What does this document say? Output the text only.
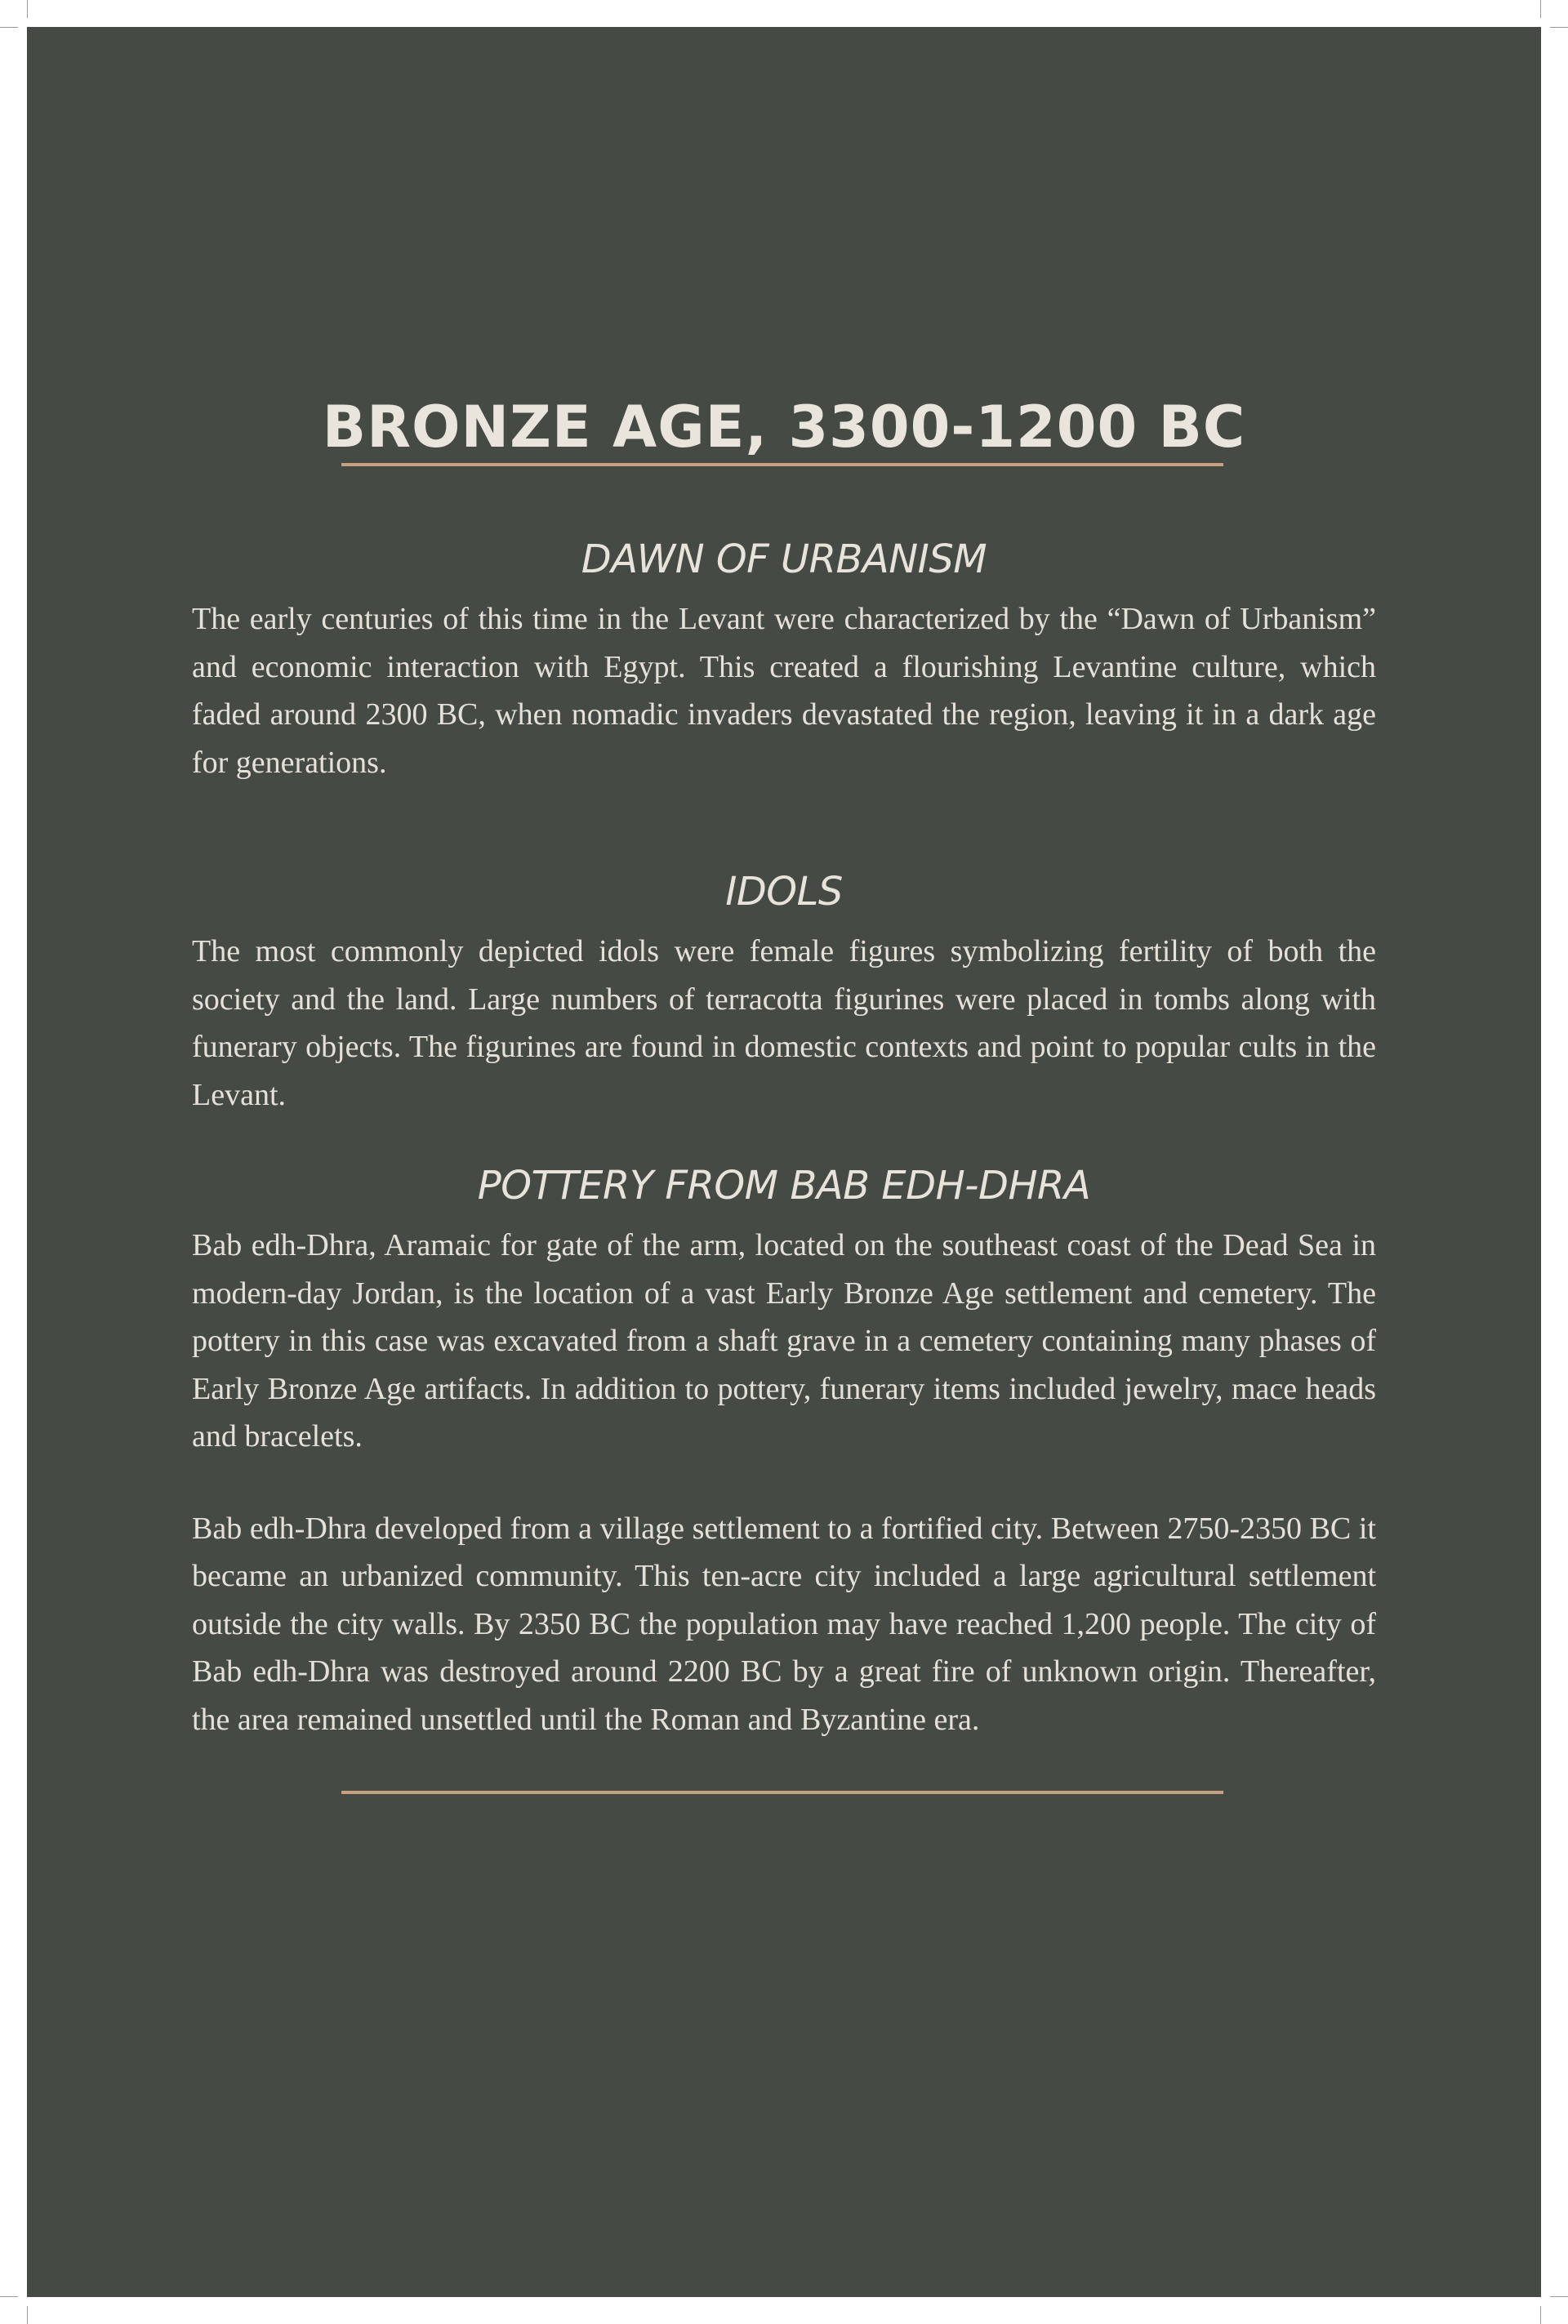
BRONZE AGE, 3300-1200 BC
DAWN OF URBANISM

The early centuries of this time in the Levant were characterized by the “Dawn of Urbanism” and economic interaction with Egypt. This created a flourishing Levantine culture, which faded around 2300 BC, when nomadic invaders devastated the region, leaving it in a dark age for generations.

IDOLS

The most commonly depicted idols were female figures symbolizing fertility of both the society and the land. Large numbers of terracotta figurines were placed in tombs along with funerary objects. The figurines are found in domestic contexts and point to popular cults in the Levant.

POTTERY FROM BAB EDH-DHRA

Bab edh-Dhra, Aramaic for gate of the arm, located on the southeast coast of the Dead Sea in modern-day Jordan, is the location of a vast Early Bronze Age settlement and cemetery. The pottery in this case was excavated from a shaft grave in a cemetery containing many phases of Early Bronze Age artifacts. In addition to pottery, funerary items included jewelry, mace heads and bracelets.

Bab edh-Dhra developed from a village settlement to a fortified city. Between 2750-2350 BC it became an urbanized community. This ten-acre city included a large agricultural settlement outside the city walls. By 2350 BC the population may have reached 1,200 people. The city of Bab edh-Dhra was destroyed around 2200 BC by a great fire of unknown origin. Thereafter, the area remained unsettled until the Roman and Byzantine era.
